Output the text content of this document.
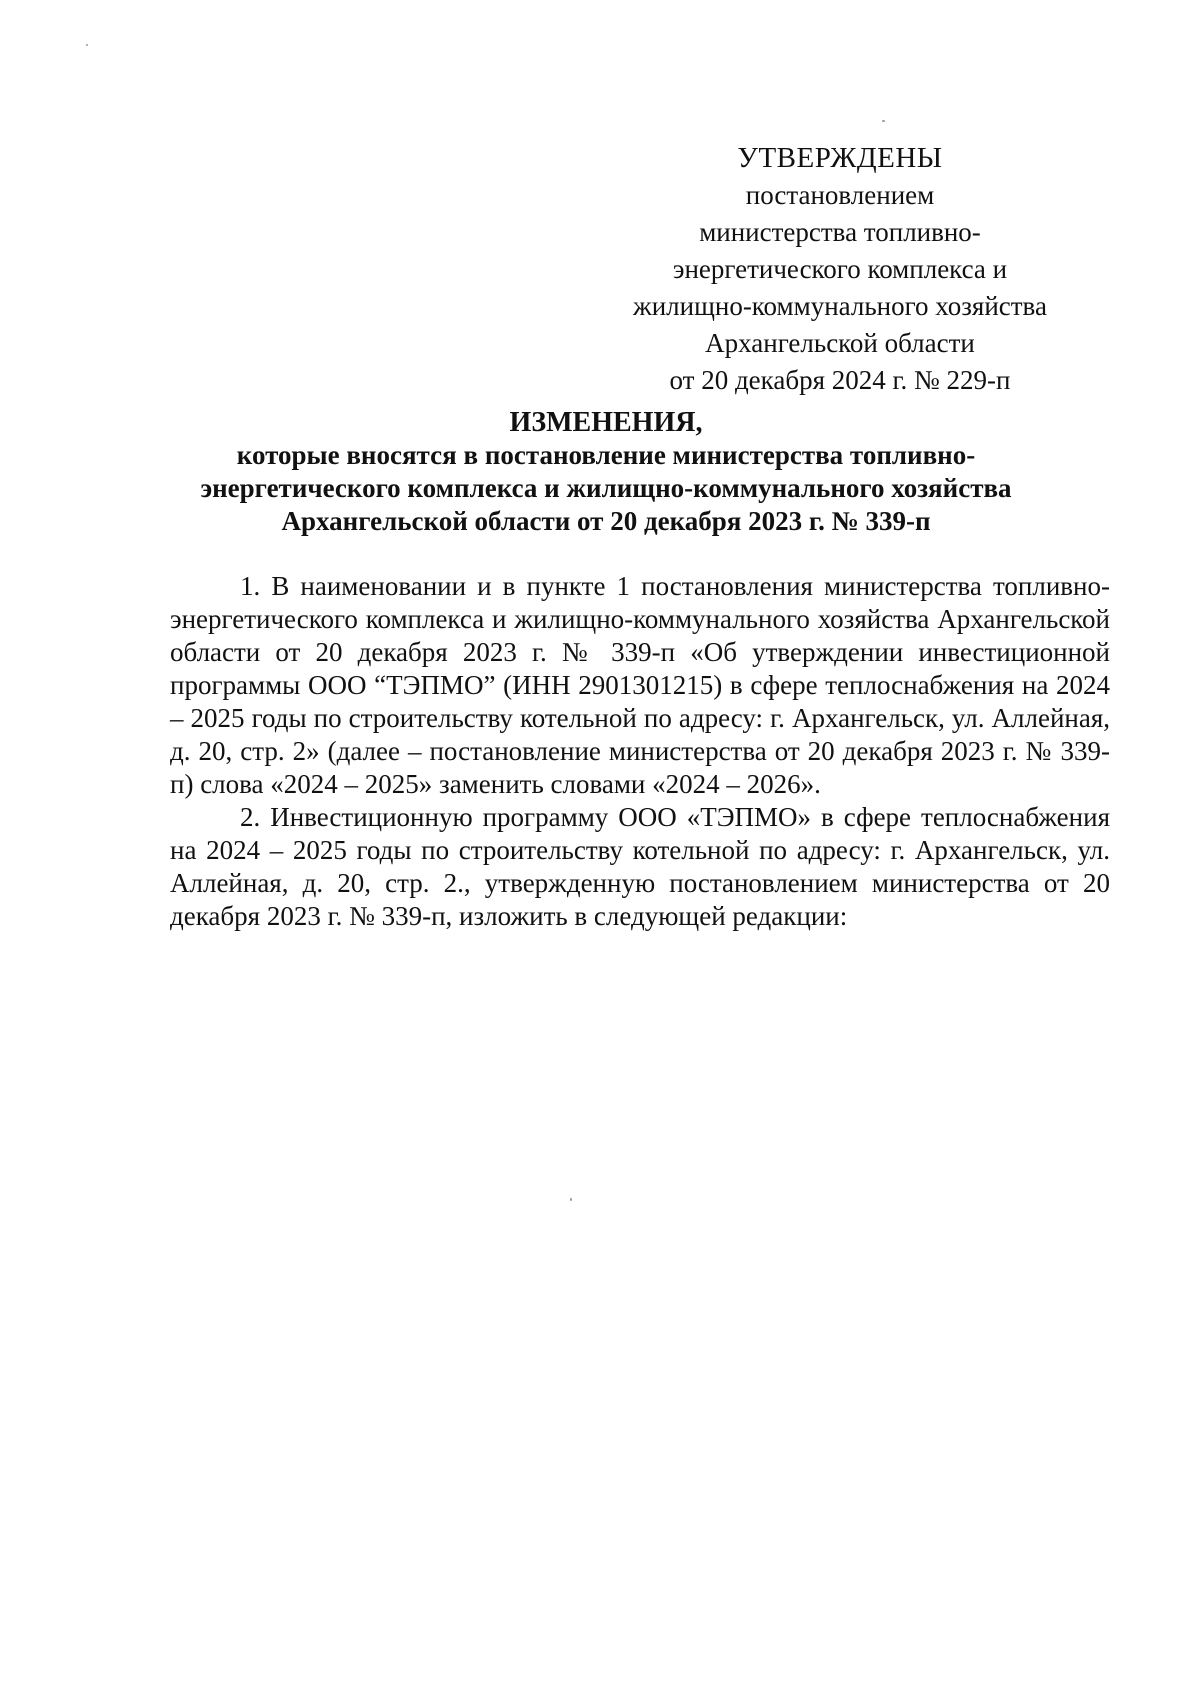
УТВЕРЖДЕНЫ
постановлением
министерства топливно-
энергетического комплекса и
жилищно-коммунального хозяйства
Архангельской области
от 20 декабря 2024 г. № 229-п
ИЗМЕНЕНИЯ,
которые вносятся в постановление министерства топливно-
энергетического комплекса и жилищно-коммунального хозяйства
Архангельской области от 20 декабря 2023 г. № 339-п

1. В наименовании и в пункте 1 постановления министерства топливно-энергетического комплекса и жилищно-коммунального хозяйства Архангельской области от 20 декабря 2023 г. № 339-п «Об утверждении инвестиционной программы ООО “ТЭПМО” (ИНН 2901301215) в сфере теплоснабжения на 2024 – 2025 годы по строительству котельной по адресу: г. Архангельск, ул. Аллейная, д. 20, стр. 2» (далее – постановление министерства от 20 декабря 2023 г. № 339-п) слова «2024 – 2025» заменить словами «2024 – 2026».

2. Инвестиционную программу ООО «ТЭПМО» в сфере теплоснабжения на 2024 – 2025 годы по строительству котельной по адресу: г. Архангельск, ул. Аллейная, д. 20, стр. 2., утвержденную постановлением министерства от 20 декабря 2023 г. № 339-п, изложить в следующей редакции:
